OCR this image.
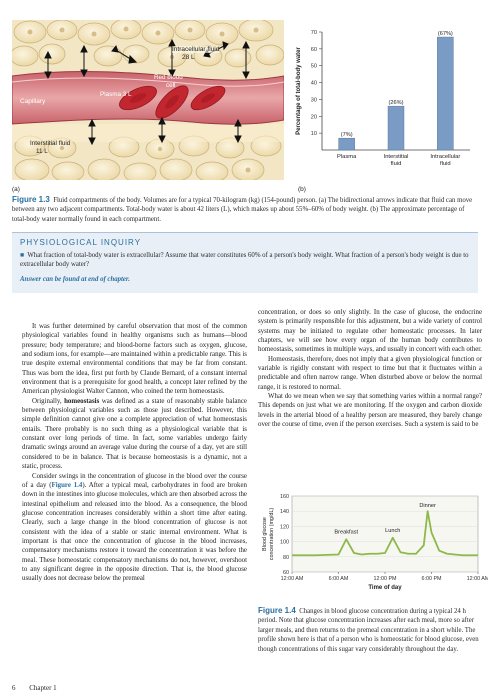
Intracellular fluid
28 L
Red blood
cell
Plasma 3 L
Capillary
Interstitial fluid
11 L
(a)
10
20
30
40
50
60
70
Percentage of total-body water
(7%)
Plasma
(26%)
Interstitial
fluid
(67%)
Intracellular
fluid
(b)
Figure 1.3 Fluid compartments of the body. Volumes are for a typical 70-kilogram (kg) (154-pound) person. (a) The bidirectional arrows indicate that fluid can move between any two adjacent compartments. Total-body water is about 42 liters (L), which makes up about 55%–60% of body weight. (b) The approximate percentage of total-body water normally found in each compartment.
PHYSIOLOGICAL INQUIRY
■  What fraction of total-body water is extracellular? Assume that water constitutes 60% of a person's body weight. What fraction of a person's body weight is due to extracellular body water?
Answer can be found at end of chapter.

It was further determined by careful observation that most of the common physiological variables found in healthy organisms such as humans—blood pressure; body temperature; and blood-borne factors such as oxygen, glucose, and sodium ions, for example—are maintained within a predictable range. This is true despite external environmental conditions that may be far from constant. Thus was born the idea, first put forth by Claude Bernard, of a constant internal environment that is a prerequisite for good health, a concept later refined by the American physiologist Walter Cannon, who coined the term homeostasis.

Originally, homeostasis was defined as a state of reasonably stable balance between physiological variables such as those just described. However, this simple definition cannot give one a complete appreciation of what homeostasis entails. There probably is no such thing as a physiological variable that is constant over long periods of time. In fact, some variables undergo fairly dramatic swings around an average value during the course of a day, yet are still considered to be in balance. That is because homeostasis is a dynamic, not a static, process.

Consider swings in the concentration of glucose in the blood over the course of a day (Figure 1.4). After a typical meal, carbohydrates in food are broken down in the intestines into glucose molecules, which are then absorbed across the intestinal epithelium and released into the blood. As a consequence, the blood glucose concentration increases considerably within a short time after eating. Clearly, such a large change in the blood concentration of glucose is not consistent with the idea of a stable or static internal environment. What is important is that once the concentration of glucose in the blood increases, compensatory mechanisms restore it toward the concentration it was before the meal. These homeostatic compensatory mechanisms do not, however, overshoot to any significant degree in the opposite direction. That is, the blood glucose usually does not decrease below the premeal

concentration, or does so only slightly. In the case of glucose, the endocrine system is primarily responsible for this adjustment, but a wide variety of control systems may be initiated to regulate other homeostatic processes. In later chapters, we will see how every organ of the human body contributes to homeostasis, sometimes in multiple ways, and usually in concert with each other.

Homeostasis, therefore, does not imply that a given physiological function or variable is rigidly constant with respect to time but that it fluctuates within a predictable and often narrow range. When disturbed above or below the normal range, it is restored to normal.

What do we mean when we say that something varies within a normal range? This depends on just what we are monitoring. If the oxygen and carbon dioxide levels in the arterial blood of a healthy person are measured, they barely change over the course of time, even if the person exercises. Such a system is said to be

60
80
100
120
140
160
12:00 AM	6:00 AM	12:00 PM	6:00 PM	12:00 AM
Time of day
Blood glucose concentration (mg/dL)	Breakfast	Lunch
Dinner
Figure 1.4 Changes in blood glucose concentration during a typical 24 h period. Note that glucose concentration increases after each meal, more so after larger meals, and then returns to the premeal concentration in a short while. The profile shown here is that of a person who is homeostatic for blood glucose, even though concentrations of this sugar vary considerably throughout the day.
6 Chapter 1
